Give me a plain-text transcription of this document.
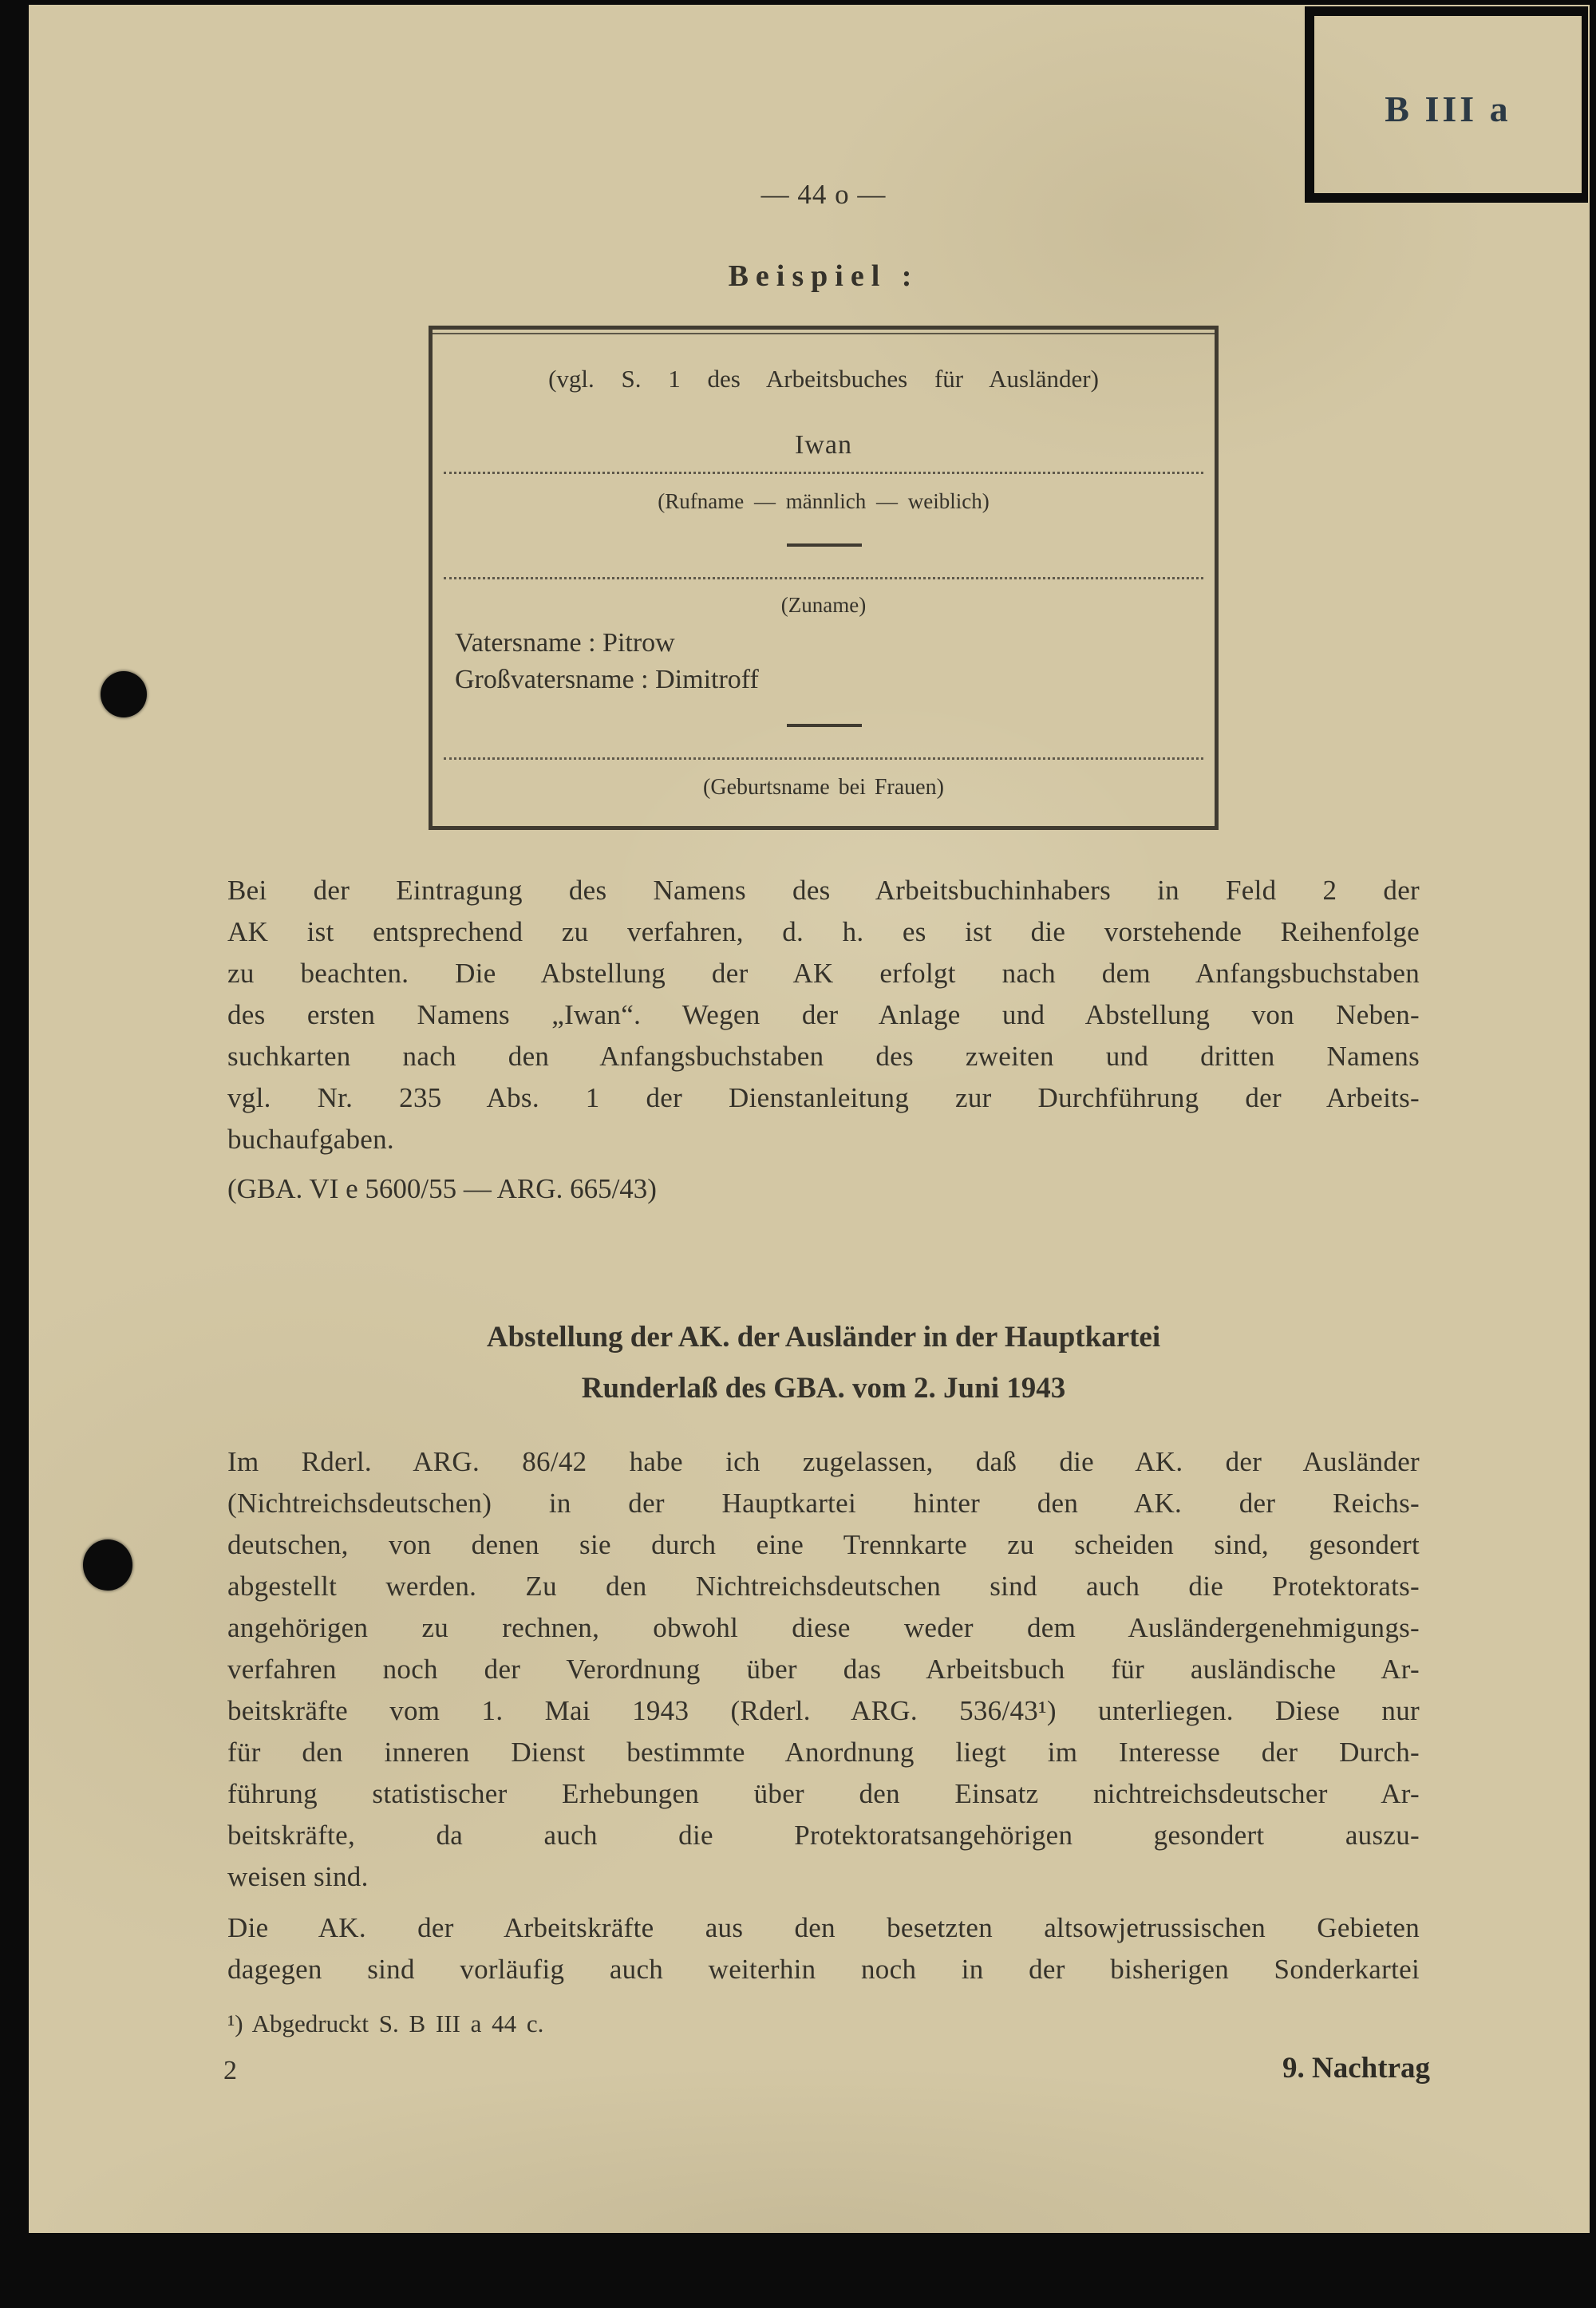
B III a
— 44 o —
Beispiel :
(vgl. S. 1 des Arbeitsbuches für Ausländer)
Iwan
(Rufname — männlich — weiblich)
(Zuname)
Vatersname : Pitrow
Großvatersname : Dimitroff
(Geburtsname bei Frauen)
Bei der Eintragung des Namens des Arbeitsbuchinhabers in Feld 2 der
AK ist entsprechend zu verfahren, d. h. es ist die vorstehende Reihenfolge
zu beachten. Die Abstellung der AK erfolgt nach dem Anfangsbuchstaben
des ersten Namens „Iwan“. Wegen der Anlage und Abstellung von Neben-
suchkarten nach den Anfangsbuchstaben des zweiten und dritten Namens
vgl. Nr. 235 Abs. 1 der Dienstanleitung zur Durchführung der Arbeits-
buchaufgaben.
(GBA. VI e 5600/55 — ARG. 665/43)
Abstellung der AK. der Ausländer in der Hauptkartei
Runderlaß des GBA. vom 2. Juni 1943
Im Rderl. ARG. 86/42 habe ich zugelassen, daß die AK. der Ausländer
(Nichtreichsdeutschen) in der Hauptkartei hinter den AK. der Reichs-
deutschen, von denen sie durch eine Trennkarte zu scheiden sind, gesondert
abgestellt werden. Zu den Nichtreichsdeutschen sind auch die Protektorats-
angehörigen zu rechnen, obwohl diese weder dem Ausländergenehmigungs-
verfahren noch der Verordnung über das Arbeitsbuch für ausländische Ar-
beitskräfte vom 1. Mai 1943 (Rderl. ARG. 536/43¹) unterliegen. Diese nur
für den inneren Dienst bestimmte Anordnung liegt im Interesse der Durch-
führung statistischer Erhebungen über den Einsatz nichtreichsdeutscher Ar-
beitskräfte, da auch die Protektoratsangehörigen gesondert auszu-
weisen sind.
Die AK. der Arbeitskräfte aus den besetzten altsowjetrussischen Gebieten
dagegen sind vorläufig auch weiterhin noch in der bisherigen Sonderkartei
¹) Abgedruckt S. B III a 44 c.
2	9. Nachtrag
